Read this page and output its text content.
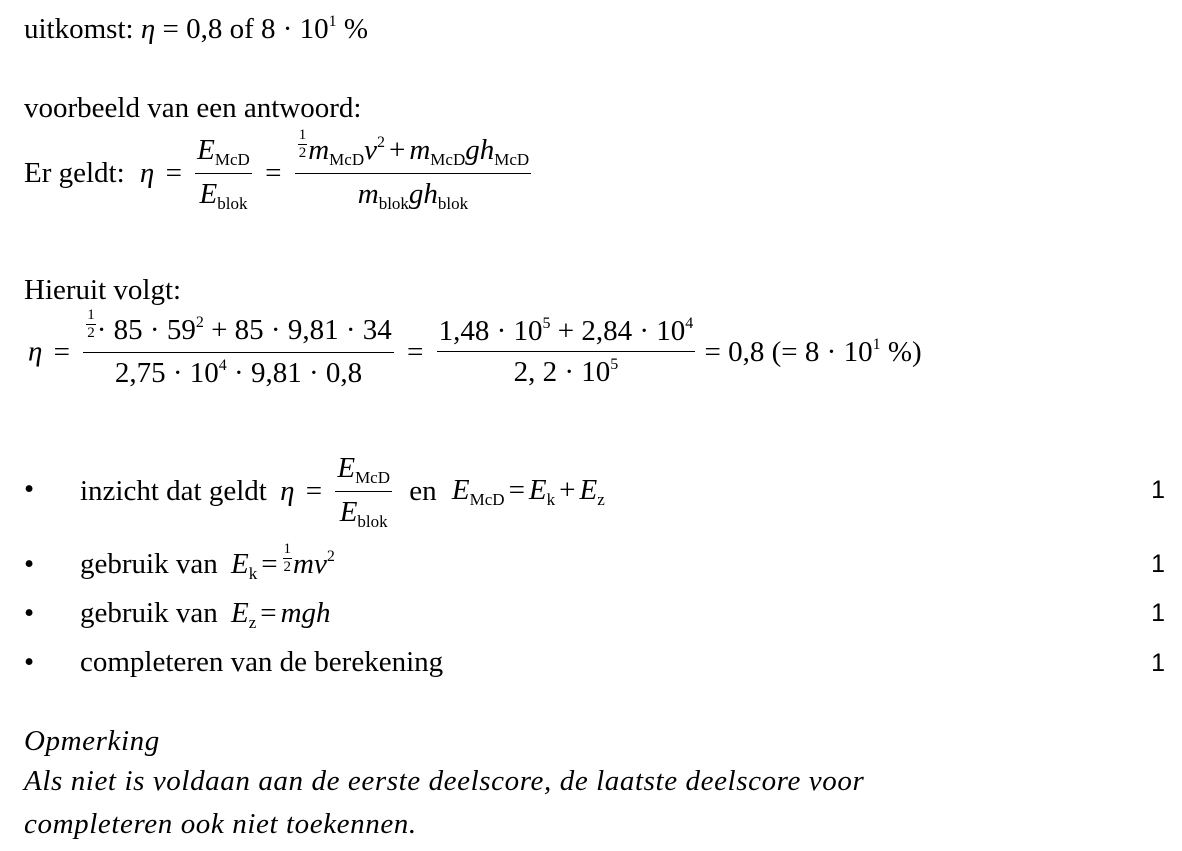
uitkomst: η = 0,8 of $8 \cdot 10^1$ %
voorbeeld van een antwoord:
Er geldt: $\eta = \frac{E_{McD}}{E_{blok}} = \frac{\frac{1}{2} m_{McD}v^2 + m_{McD}gh_{McD}}{m_{blok}gh_{blok}}$
Hieruit volgt:
$\eta = \frac{\frac{1}{2} \cdot 85 \cdot 59^2 + 85 \cdot 9,81 \cdot 34}{2,75 \cdot 10^4 \cdot 9,81 \cdot 0,8} = \frac{1,48 \cdot 10^5 + 2,84 \cdot 10^4}{2, 2 \cdot 10^5} = 0,8$ (= $8 \cdot 10^1$ %)
• inzicht dat geldt $\eta = \frac{E_{McD}}{E_{blok}}$ en $E_{McD} = E_k + E_z$	1
• gebruik van $E_k = \frac{1}{2} mv^2$	1
• gebruik van $E_z$ = mgh	1
• completeren van de berekening	1
Opmerking
Als niet is voldaan aan de eerste deelscore, de laatste deelscore voor
completeren ook niet toekennen.
